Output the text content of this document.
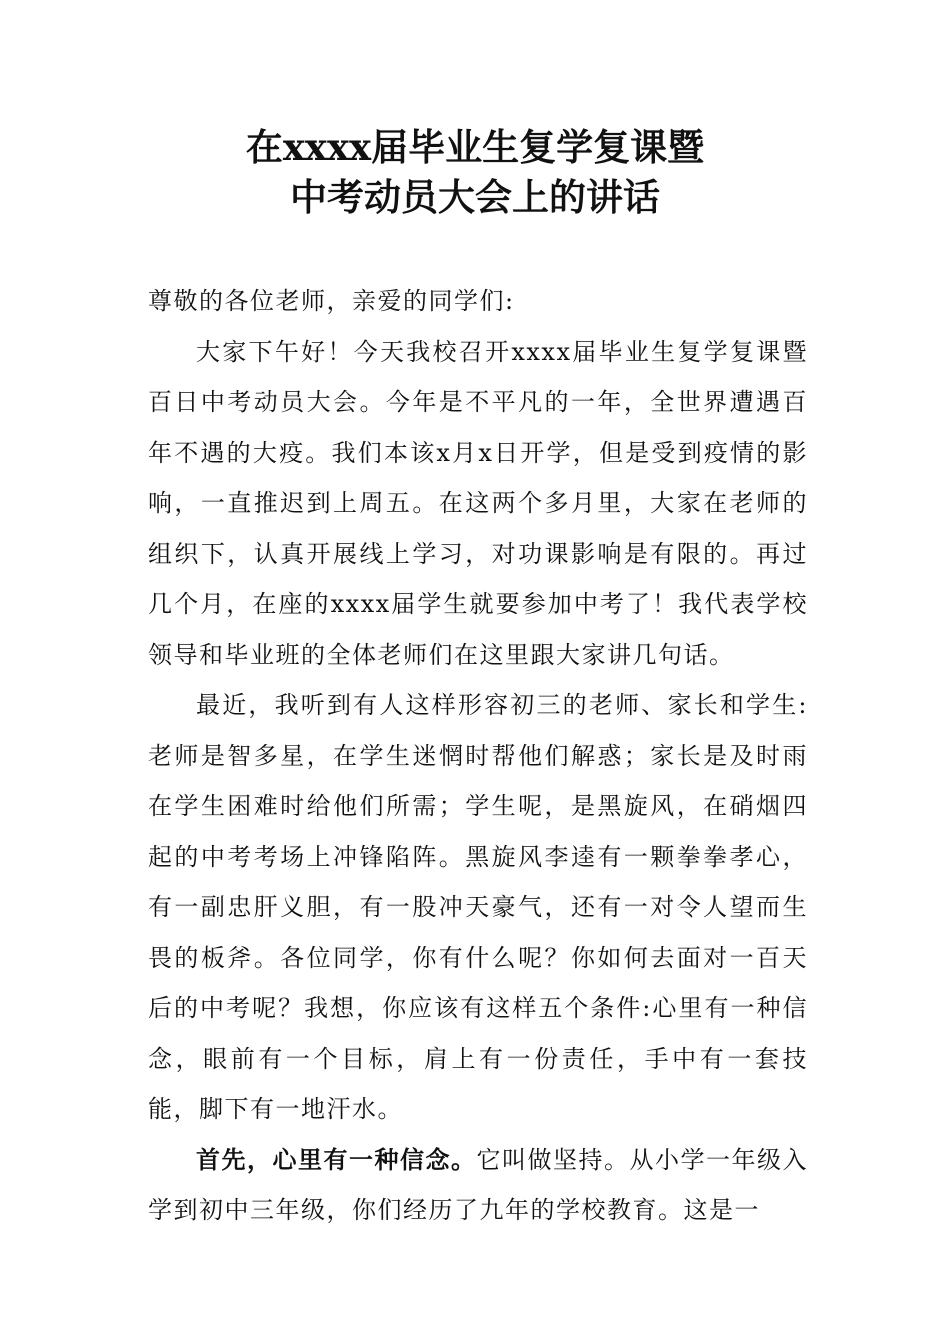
在xxxx届毕业生复学复课暨
中考动员大会上的讲话

尊敬的各位老师，亲爱的同学们:

大家下午好！今天我校召开xxxx届毕业生复学复课暨百日中考动员大会。今年是不平凡的一年，全世界遭遇百年不遇的大疫。我们本该x月x日开学，但是受到疫情的影响，一直推迟到上周五。在这两个多月里，大家在老师的组织下，认真开展线上学习，对功课影响是有限的。再过几个月，在座的xxxx届学生就要参加中考了！我代表学校领导和毕业班的全体老师们在这里跟大家讲几句话。

最近，我听到有人这样形容初三的老师、家长和学生:老师是智多星，在学生迷惘时帮他们解惑；家长是及时雨在学生困难时给他们所需；学生呢，是黑旋风，在硝烟四起的中考考场上冲锋陷阵。黑旋风李逵有一颗拳拳孝心，有一副忠肝义胆，有一股冲天豪气，还有一对令人望而生畏的板斧。各位同学，你有什么呢？你如何去面对一百天后的中考呢？我想，你应该有这样五个条件:心里有一种信念，眼前有一个目标，肩上有一份责任，手中有一套技能，脚下有一地汗水。

首先，心里有一种信念。它叫做坚持。从小学一年级入学到初中三年级，你们经历了九年的学校教育。这是一
